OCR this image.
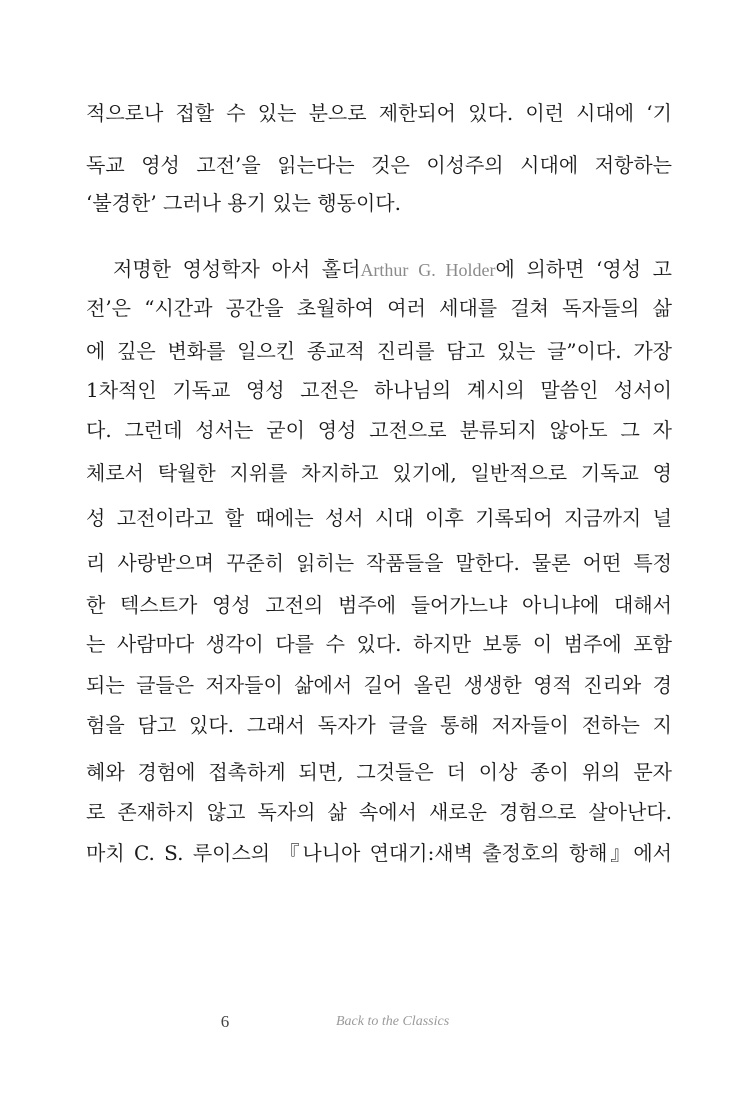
적으로나 접할 수 있는 분으로 제한되어 있다. 이런 시대에 ‘기
독교 영성 고전’을 읽는다는 것은 이성주의 시대에 저항하는
‘불경한’ 그러나 용기 있는 행동이다.
저명한 영성학자 아서 홀더Arthur G. Holder에 의하면 ‘영성 고
전’은 “시간과 공간을 초월하여 여러 세대를 걸쳐 독자들의 삶
에 깊은 변화를 일으킨 종교적 진리를 담고 있는 글”이다. 가장
1차적인 기독교 영성 고전은 하나님의 계시의 말씀인 성서이
다. 그런데 성서는 굳이 영성 고전으로 분류되지 않아도 그 자
체로서 탁월한 지위를 차지하고 있기에, 일반적으로 기독교 영
성 고전이라고 할 때에는 성서 시대 이후 기록되어 지금까지 널
리 사랑받으며 꾸준히 읽히는 작품들을 말한다. 물론 어떤 특정
한 텍스트가 영성 고전의 범주에 들어가느냐 아니냐에 대해서
는 사람마다 생각이 다를 수 있다. 하지만 보통 이 범주에 포함
되는 글들은 저자들이 삶에서 길어 올린 생생한 영적 진리와 경
험을 담고 있다. 그래서 독자가 글을 통해 저자들이 전하는 지
혜와 경험에 접촉하게 되면, 그것들은 더 이상 종이 위의 문자
로 존재하지 않고 독자의 삶 속에서 새로운 경험으로 살아난다.
마치 C. S. 루이스의 『나니아 연대기:새벽 출정호의 항해』에서
6	Back to the Classics
